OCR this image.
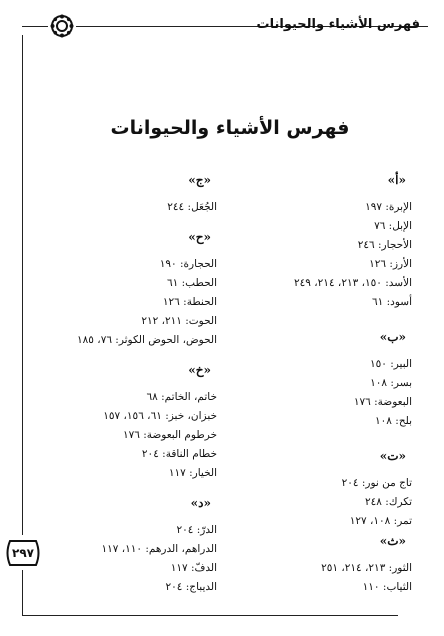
فهرس الأشياء والحيوانات
فهرس الأشياء والحيوانات
«أ»
الإبرة: ١٩٧
الإبل: ٧٦
الأحجار: ٢٤٦
الأرز: ١٢٦
الأسد: ١٥٠، ٢١٣، ٢١٤، ٢٤٩
أسود: ٦١
«ب»
البير: ١٥٠
بسر: ١٠٨
البعوضة: ١٧٦
بلح: ١٠٨
«ت»
تاج من نور: ٢٠٤
تكرك: ٢٤٨
تمر: ١٠٨، ١٢٧
«ث»
الثور: ٢١٣، ٢١٤، ٢٥١
الثياب: ١١٠
«ج»
الجُعَل: ٢٤٤
«ح»
الحجارة: ١٩٠
الحطب: ٦١
الحنطة: ١٢٦
الحوت: ٢١١، ٢١٢
الحوض، الحوض الكوثر: ٧٦، ١٨٥
«خ»
خاتم، الخاتم: ٦٨
خبزان، خبز: ٦١، ١٥٦، ١٥٧
خرطوم البعوضة: ١٧٦
خطام الناقة: ٢٠٤
الخيار: ١١٧
«د»
الدرّ: ٢٠٤
الدراهم، الدرهم: ١١٠، ١١٧
الدفّ: ١١٧
الديباج: ٢٠٤
٢٩٧
